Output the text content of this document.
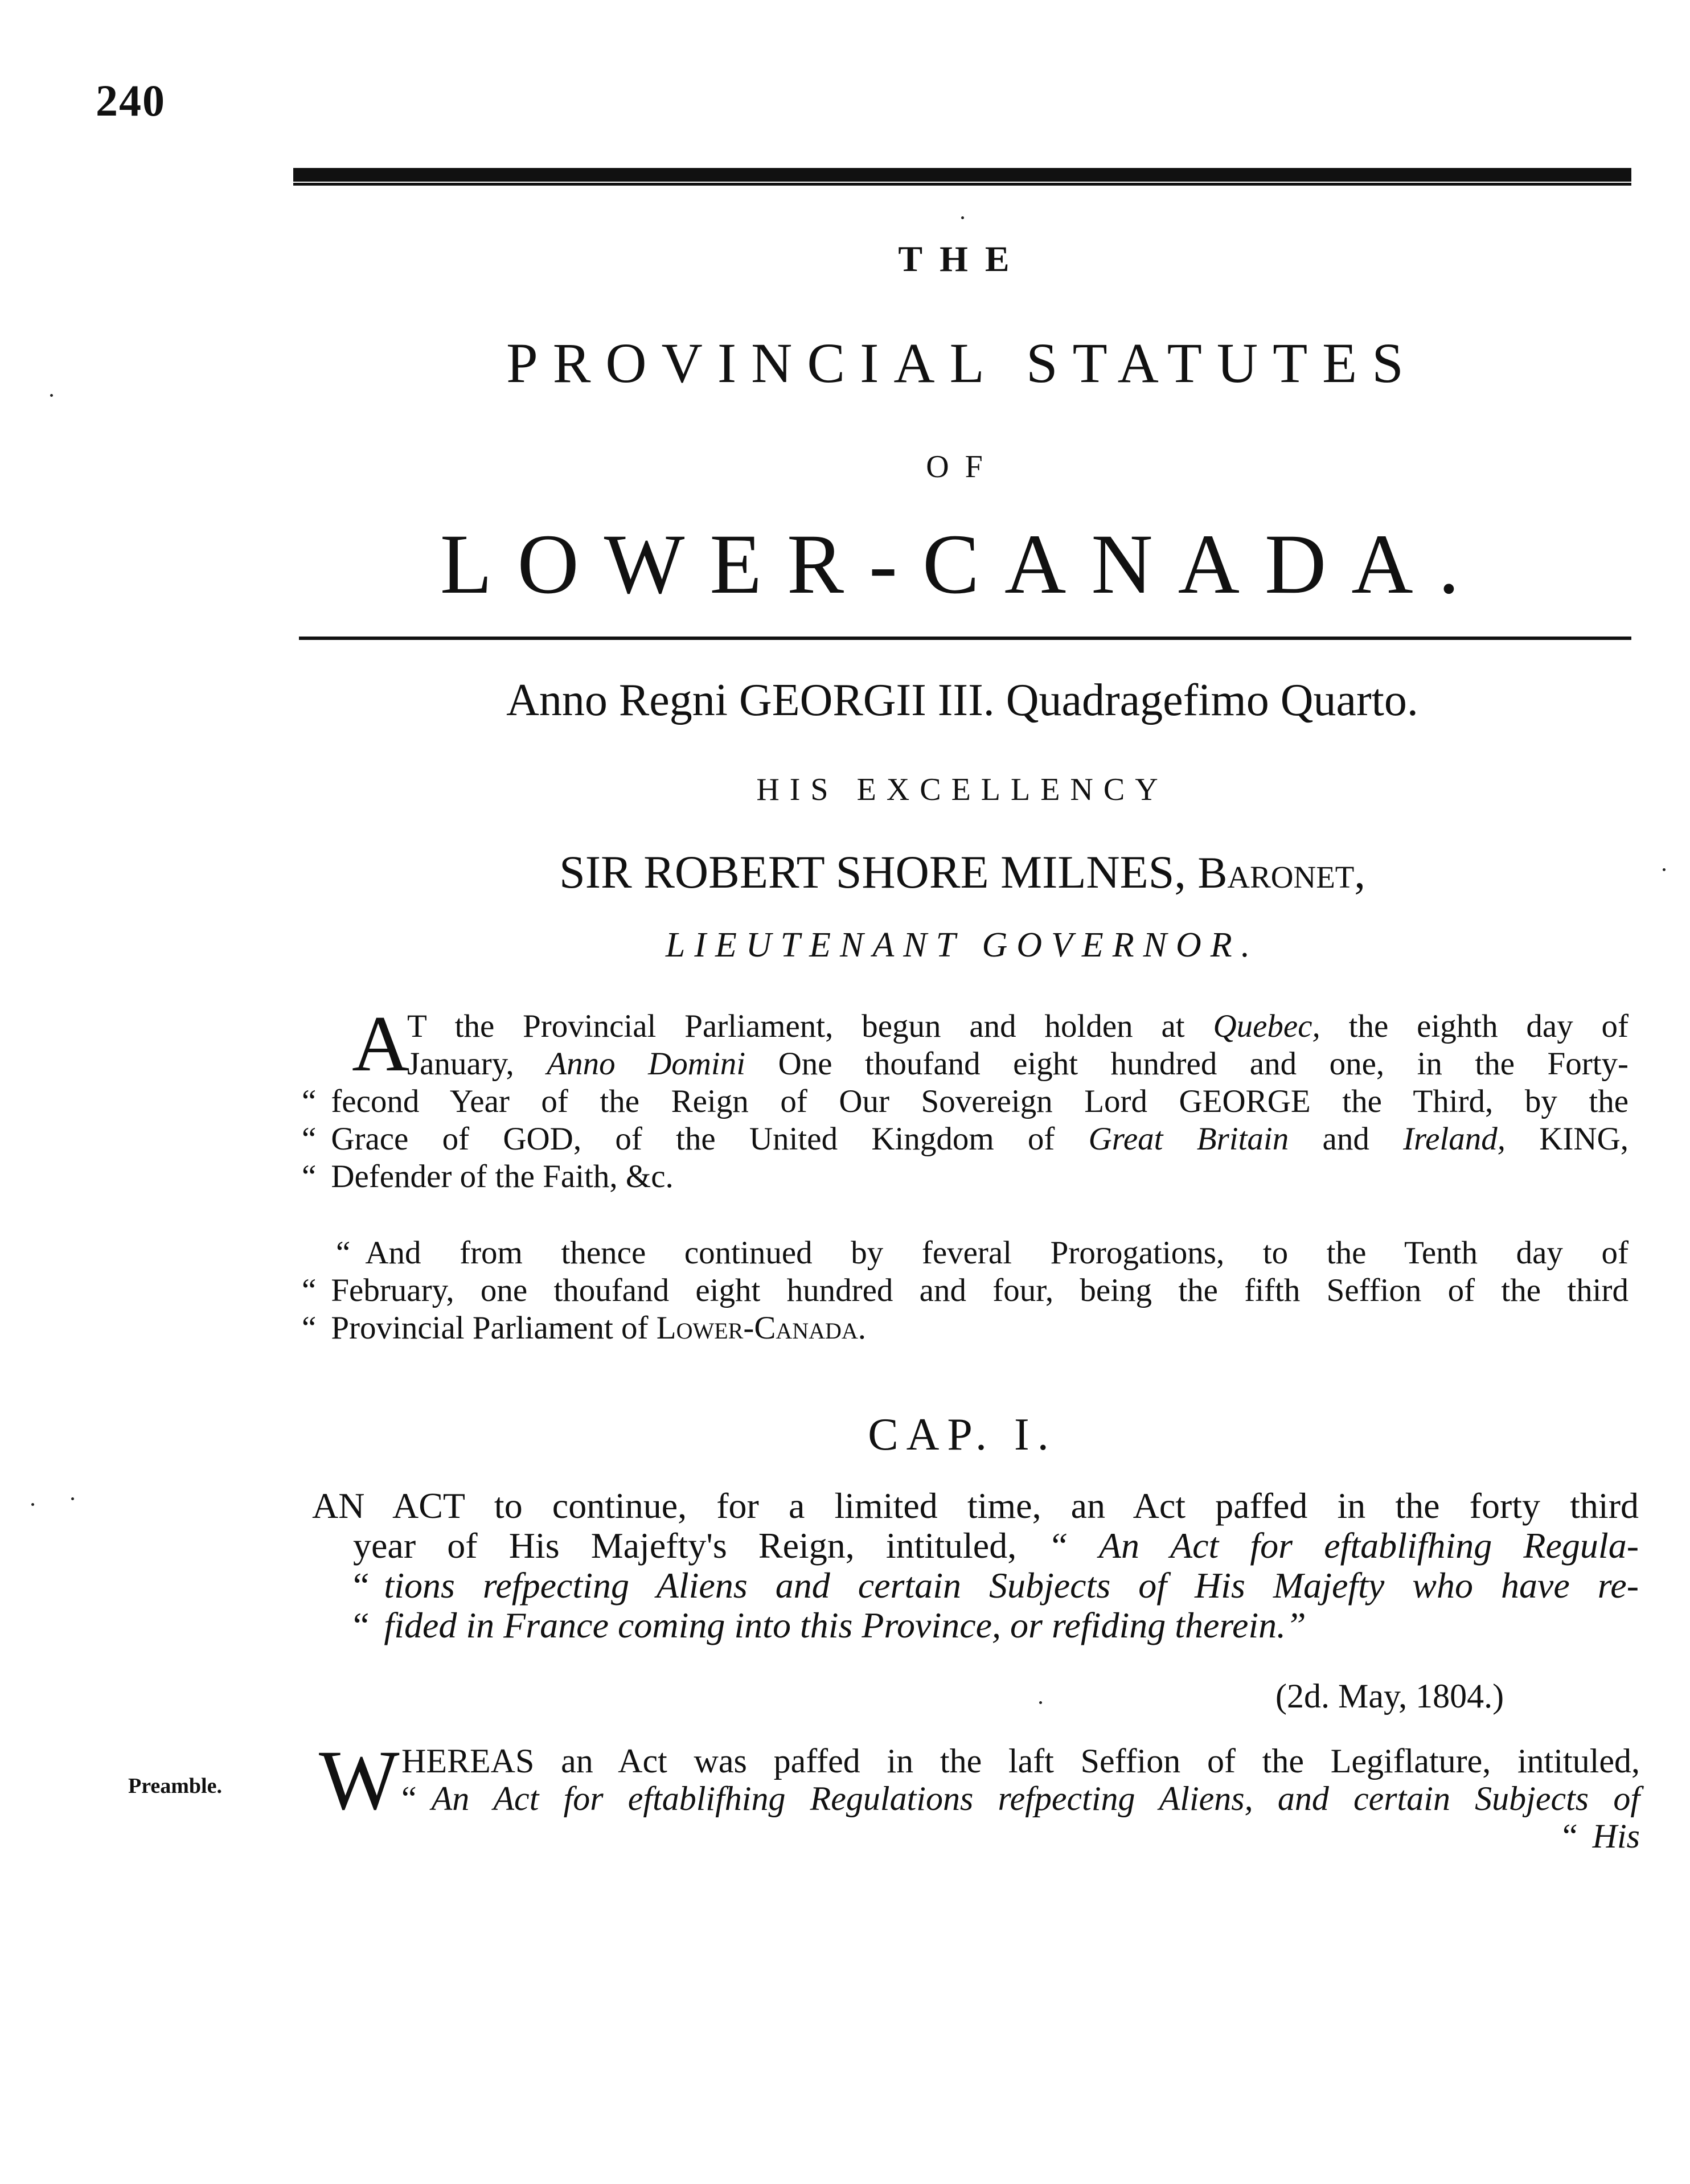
240
THE
PROVINCIAL STATUTES
OF
LOWER-CANADA.
Anno Regni GEORGII III. Quadragefimo Quarto.
HIS EXCELLENCY
SIR ROBERT SHORE MILNES, Baronet,
LIEUTENANT GOVERNOR.
A
T the Provincial Parliament, begun and holden at Quebec, the eighth day of
January, Anno Domini One thoufand eight hundred and one, in the Forty-
“ fecond Year of the Reign of Our Sovereign Lord GEORGE the Third, by the
“ Grace of GOD, of the United Kingdom of Great Britain and Ireland, KING,
“ Defender of the Faith, &c.
“ And from thence continued by feveral Prorogations, to the Tenth day of
“ February, one thoufand eight hundred and four, being the fifth Seffion of the third
“ Provincial Parliament of Lower-Canada.
CAP. I.
AN ACT to continue, for a limited time, an Act paffed in the forty third
year of His Majefty's Reign, intituled, “ An Act for eftablifhing Regula-
“ tions refpecting Aliens and certain Subjects of His Majefty who have re-
“ fided in France coming into this Province, or refiding therein.”
(2d. May, 1804.)
Preamble. W HEREAS an Act was paffed in the laft Seffion of the Legiflature, intituled,
“ An Act for eftablifhing Regulations refpecting Aliens, and certain Subjects of
“ His
